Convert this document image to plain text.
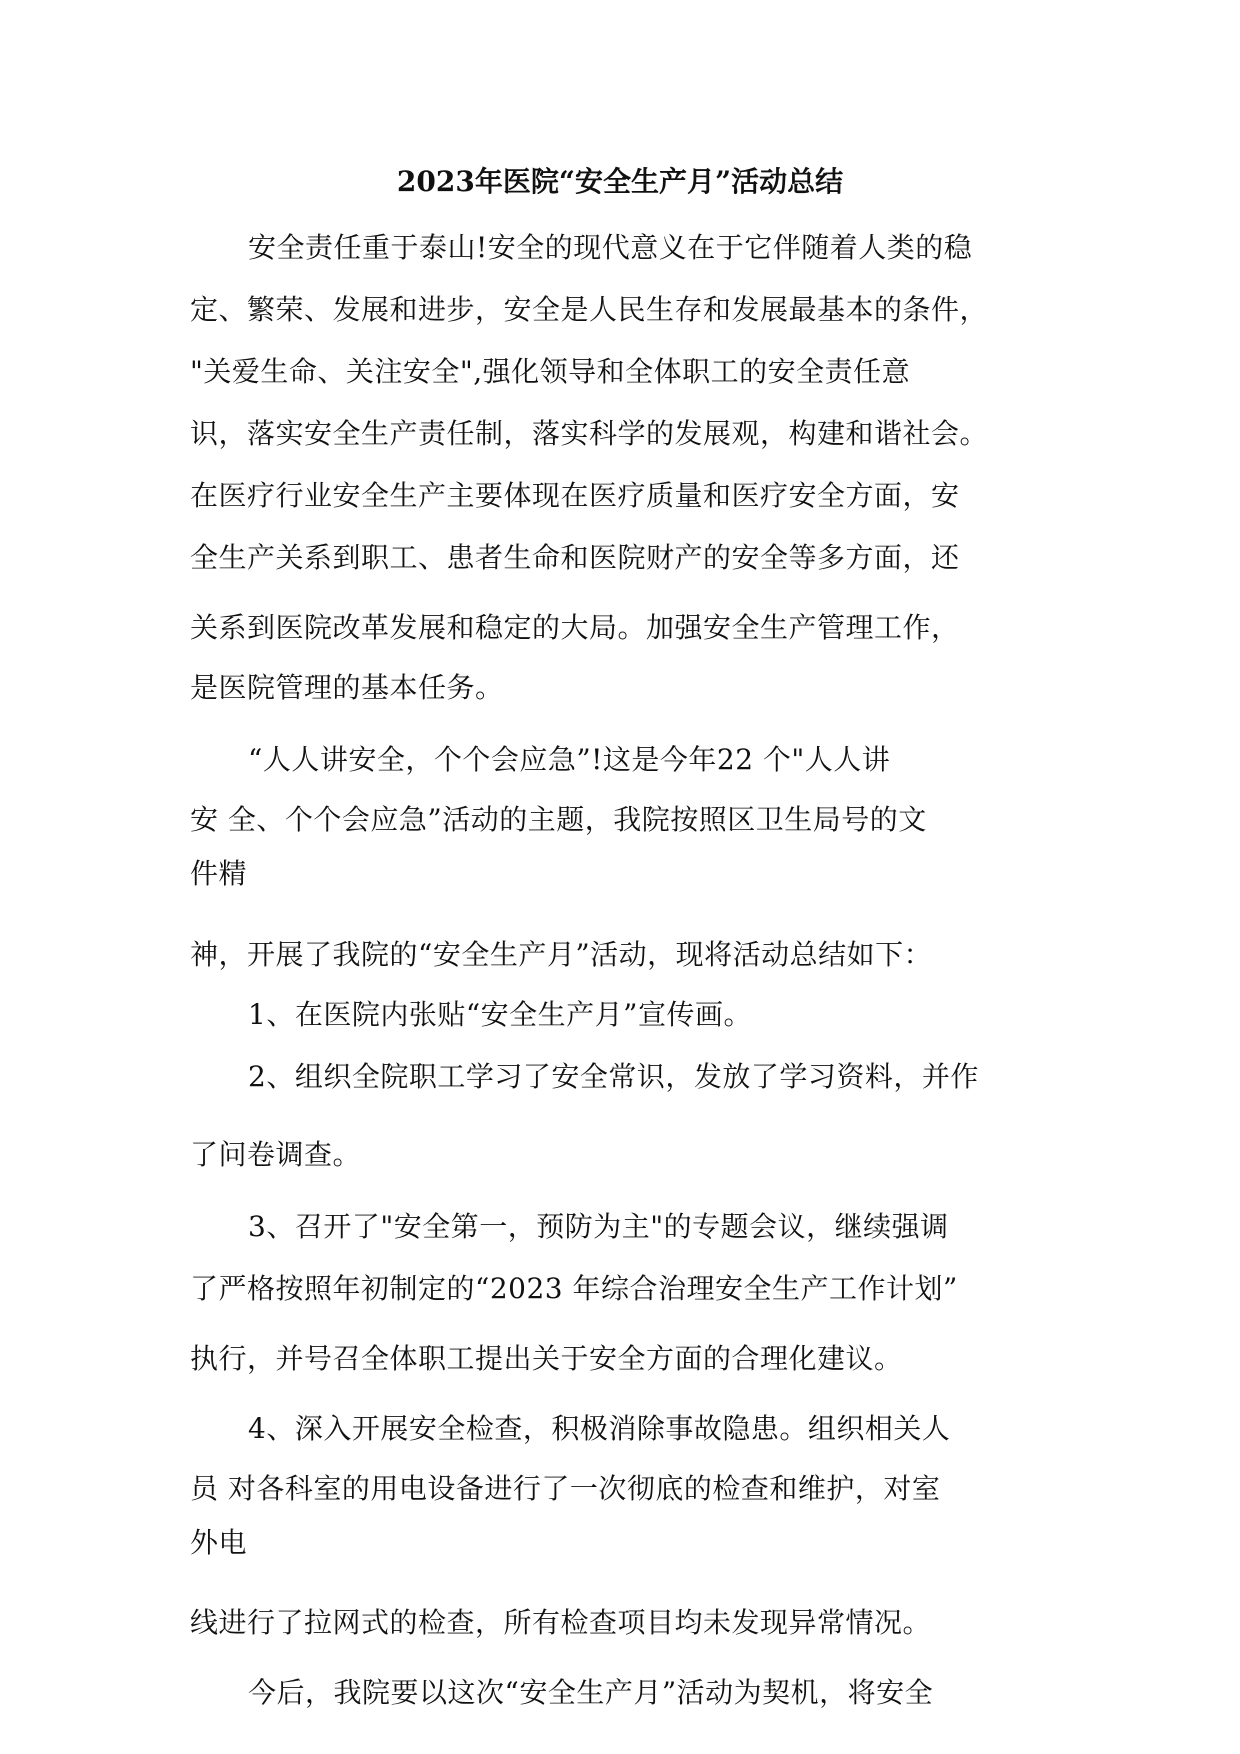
2023年医院“安全生产月”活动总结
安全责任重于泰山!安全的现代意义在于它伴随着人类的稳
定、繁荣、发展和进步，安全是人民生存和发展最基本的条件，
"关爱生命、关注安全",强化领导和全体职工的安全责任意
识，落实安全生产责任制，落实科学的发展观，构建和谐社会。
在医疗行业安全生产主要体现在医疗质量和医疗安全方面，安
全生产关系到职工、患者生命和医院财产的安全等多方面，还
关系到医院改革发展和稳定的大局。加强安全生产管理工作，
是医院管理的基本任务。
“人人讲安全，个个会应急”!这是今年22 个"人人讲
安 全、个个会应急”活动的主题，我院按照区卫生局号的文
件精
神，开展了我院的“安全生产月”活动，现将活动总结如下：
1、在医院内张贴“安全生产月”宣传画。
2、组织全院职工学习了安全常识，发放了学习资料，并作
了问卷调查。
3、召开了"安全第一，预防为主"的专题会议，继续强调
了严格按照年初制定的“2023 年综合治理安全生产工作计划”
执行，并号召全体职工提出关于安全方面的合理化建议。
4、深入开展安全检查，积极消除事故隐患。组织相关人
员 对各科室的用电设备进行了一次彻底的检查和维护，对室
外电
线进行了拉网式的检查，所有检查项目均未发现异常情况。
今后，我院要以这次“安全生产月”活动为契机，将安全
